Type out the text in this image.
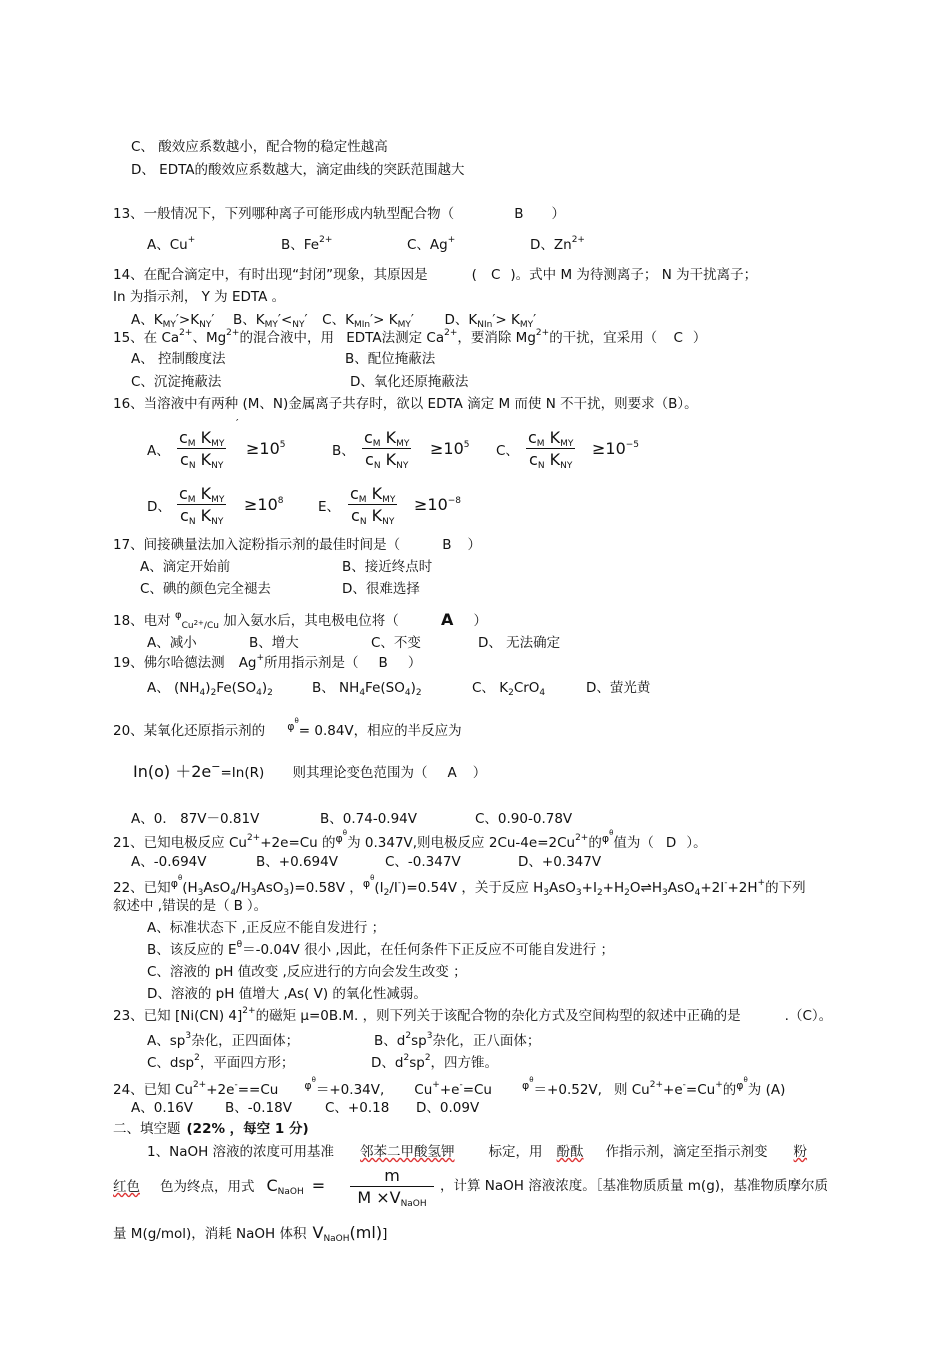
C、 酸效应系数越小，配合物的稳定性越高
D、 EDTA的酸效应系数越大，滴定曲线的突跃范围越大
13、一般情况下，下列哪种离子可能形成内轨型配合物（	B ）
A、Cu+	B、$Fe^{2+}$	C、Ag+	D、$Zn^{2+}$
14、在配合滴定中，有时出现“封闭”现象，其原因是	( C )。式中 M 为待测离子； N 为干扰离子；
In 为指示剂， Y 为 EDTA 。
A、$K_{MY}'>K_{NY}'$  B、$K_{MY}'<_{NY}'$  C、$K_{MIn}'> K_{MY}'$  D、$K_{NIn}'> K_{MY}'$
15、在 $Ca^{2+}$、$Mg^{2+}$的混合液中，用 EDTA法测定 $Ca^{2+}$，要消除 $Mg^{2+}$的干扰，宜采用（ C ）
A、 控制酸度法	B、配位掩蔽法
C、沉淀掩蔽法	D、氧化还原掩蔽法
16、当溶液中有两种 (M、N)金属离子共存时，欲以 EDTA 滴定 M 而使 N 不干扰，则要求（B）。
′
A、
$c_M$ $K_{MY}$
$c_N$ $K_{NY}$
$\ge 10^5$	B、
$c_M$ $K_{MY}$
$c_N$ $K_{NY}$
$\ge 10^5$ C、
$c_M$ $K_{MY}$
$c_N$ $K_{NY}$
$\ge 10^{-5}$
D、
$c_M$ $K_{MY}$
$c_N$ $K_{NY}$
$\ge 10^8$	E、
$c_M$ $K_{MY}$
$c_N$ $K_{NY}$
$\ge 10^{-8}$
17、间接碘量法加入淀粉指示剂的最佳时间是（	B ）
A、滴定开始前	B、接近终点时
C、碘的颜色完全褪去	D、很难选择
18、电对 $^\varphi_{Cu^{2+}/Cu}$ 加入氨水后，其电极电位将（	A ）
A、减小	B、增大	C、不变	D、 无法确定
19、佛尔哈德法测 Ag+所用指示剂是（ B ）
A、 $(NH_4)_2Fe(SO_4)_2$	B、 $NH_4Fe(SO_4)_2$	C、 $K_2CrO_4$	D、萤光黄
20、某氧化还原指示剂的 $^{\varphi^\theta}$= 0.84V，相应的半反应为
In(o) ＋2e−=In(R) 则其理论变色范围为（ A ）
A、0． 87V－0.81V	B、0.74-0.94V	C、0.90-0.78V
21、已知电极反应 $Cu^{2+}+2e=Cu$ 的$^{\varphi^\theta}$为 0.347V,则电极反应 $2Cu-4e=2Cu^{2+}$的$^{\varphi^\theta}$值为（ D ）。
A、-0.694V	B、+0.694V	C、-0.347V	D、+0.347V
22、已知$^{\varphi^\theta}(H_3AsO_4/H_3AsO_3)=0.58V$ ，$^{\varphi^\theta}(I_2/I^-)=0.54V$ ，关于反应 $H_3AsO_3+I_2+H_2O\rightleftharpoons H_3AsO_4+2I^-+2H^+$的下列
叙述中 ,错误的是（ B ）。
A、标准状态下 ,正反应不能自发进行 ；
B、该反应的 $E^\theta=-0.04V$ 很小 ,因此，在任何条件下正反应不可能自发进行 ；
C、溶液的 pH 值改变 ,反应进行的方向会发生改变 ；
D、溶液的 pH 值增大 ,As( Ⅴ) 的氧化性减弱。
23、已知 [Ni(CN) 4]$^{2+}$的磁矩 μ=0B.M. ，则下列关于该配合物的杂化方式及空间构型的叙述中正确的是	.（C）。
A、$sp^3$杂化，正四面体；	B、$d^2sp^3$杂化，正八面体；
C、dsp$^2$，平面四方形；	D、$d^2sp^2$，四方锥。
24、已知 $Cu^{2+}+2e^-==Cu$ $^{\varphi^\theta}$＝+0.34V, Cu++e-=Cu	$^{\varphi^\theta}$＝+0.52V, 则 $Cu^{2+}+e^-=Cu^+$的$^{\varphi^\theta}$为 (A)
A、0.16V B、-0.18V C、+0.18 D、0.09V
二、填空题 (22% ，每空 1 分)
1、NaOH 溶液的浓度可用基准 邻苯二甲酸氢钾	标定，用 酚酞 作指示剂，滴定至指示剂变 粉
红色 色为终点，用式 $C_{NaOH}$ =
m
$M \times V_{NaOH}$
，计算 NaOH 溶液浓度。［基准物质质量 m(g)，基准物质摩尔质
量 M(g/mol)，消耗 NaOH 体积 $V_{NaOH}(ml)$]
